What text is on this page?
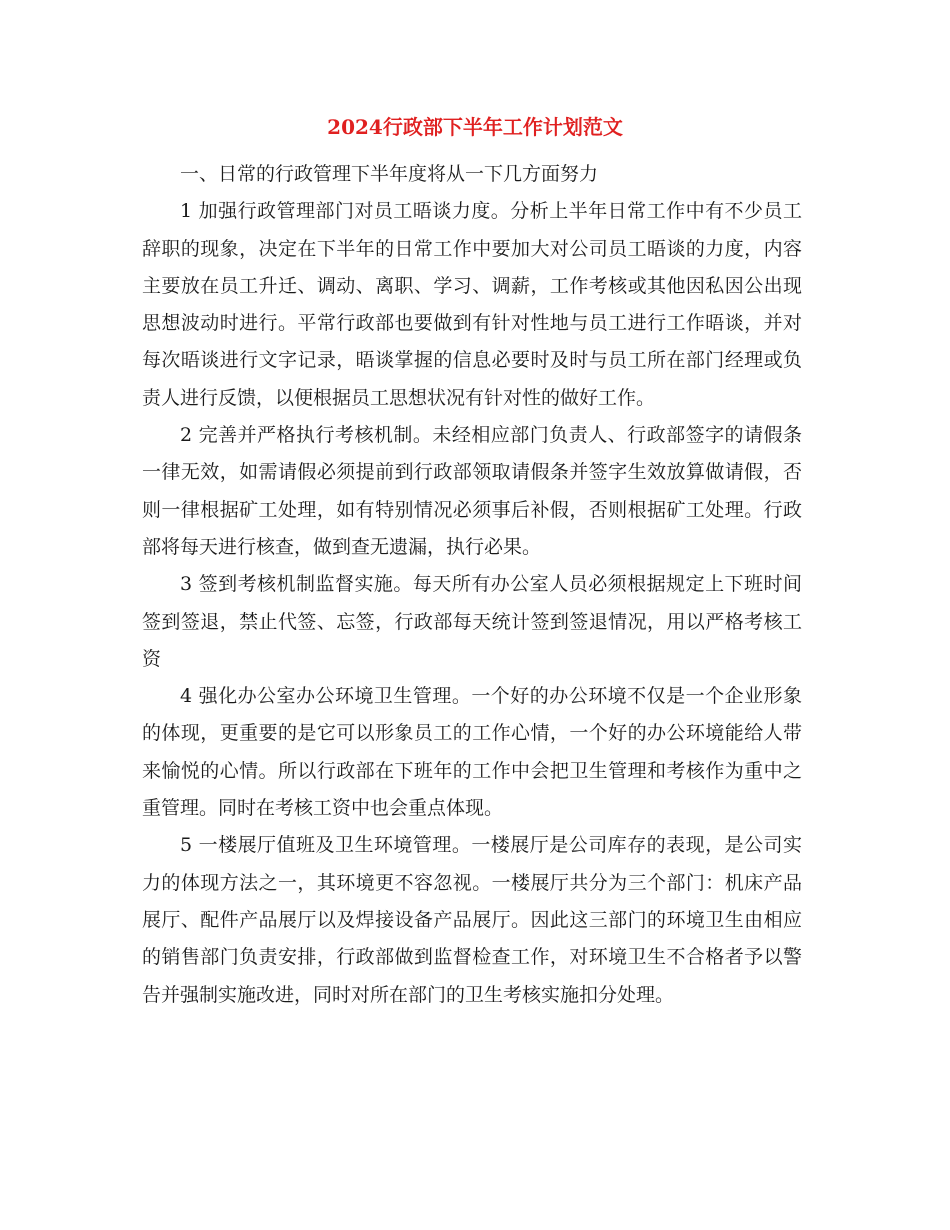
2024行政部下半年工作计划范文

一、日常的行政管理下半年度将从一下几方面努力

1 加强行政管理部门对员工晤谈力度。分析上半年日常工作中有不少员工辞职的现象，决定在下半年的日常工作中要加大对公司员工晤谈的力度，内容主要放在员工升迁、调动、离职、学习、调薪，工作考核或其他因私因公出现思想波动时进行。平常行政部也要做到有针对性地与员工进行工作晤谈，并对每次晤谈进行文字记录，晤谈掌握的信息必要时及时与员工所在部门经理或负责人进行反馈，以便根据员工思想状况有针对性的做好工作。

2 完善并严格执行考核机制。未经相应部门负责人、行政部签字的请假条一律无效，如需请假必须提前到行政部领取请假条并签字生效放算做请假，否则一律根据矿工处理，如有特别情况必须事后补假，否则根据矿工处理。行政部将每天进行核查，做到查无遗漏，执行必果。

3 签到考核机制监督实施。每天所有办公室人员必须根据规定上下班时间签到签退，禁止代签、忘签，行政部每天统计签到签退情况，用以严格考核工资

4 强化办公室办公环境卫生管理。一个好的办公环境不仅是一个企业形象的体现，更重要的是它可以形象员工的工作心情，一个好的办公环境能给人带来愉悦的心情。所以行政部在下班年的工作中会把卫生管理和考核作为重中之重管理。同时在考核工资中也会重点体现。

5 一楼展厅值班及卫生环境管理。一楼展厅是公司库存的表现，是公司实力的体现方法之一，其环境更不容忽视。一楼展厅共分为三个部门：机床产品展厅、配件产品展厅以及焊接设备产品展厅。因此这三部门的环境卫生由相应的销售部门负责安排，行政部做到监督检查工作，对环境卫生不合格者予以警告并强制实施改进，同时对所在部门的卫生考核实施扣分处理。
